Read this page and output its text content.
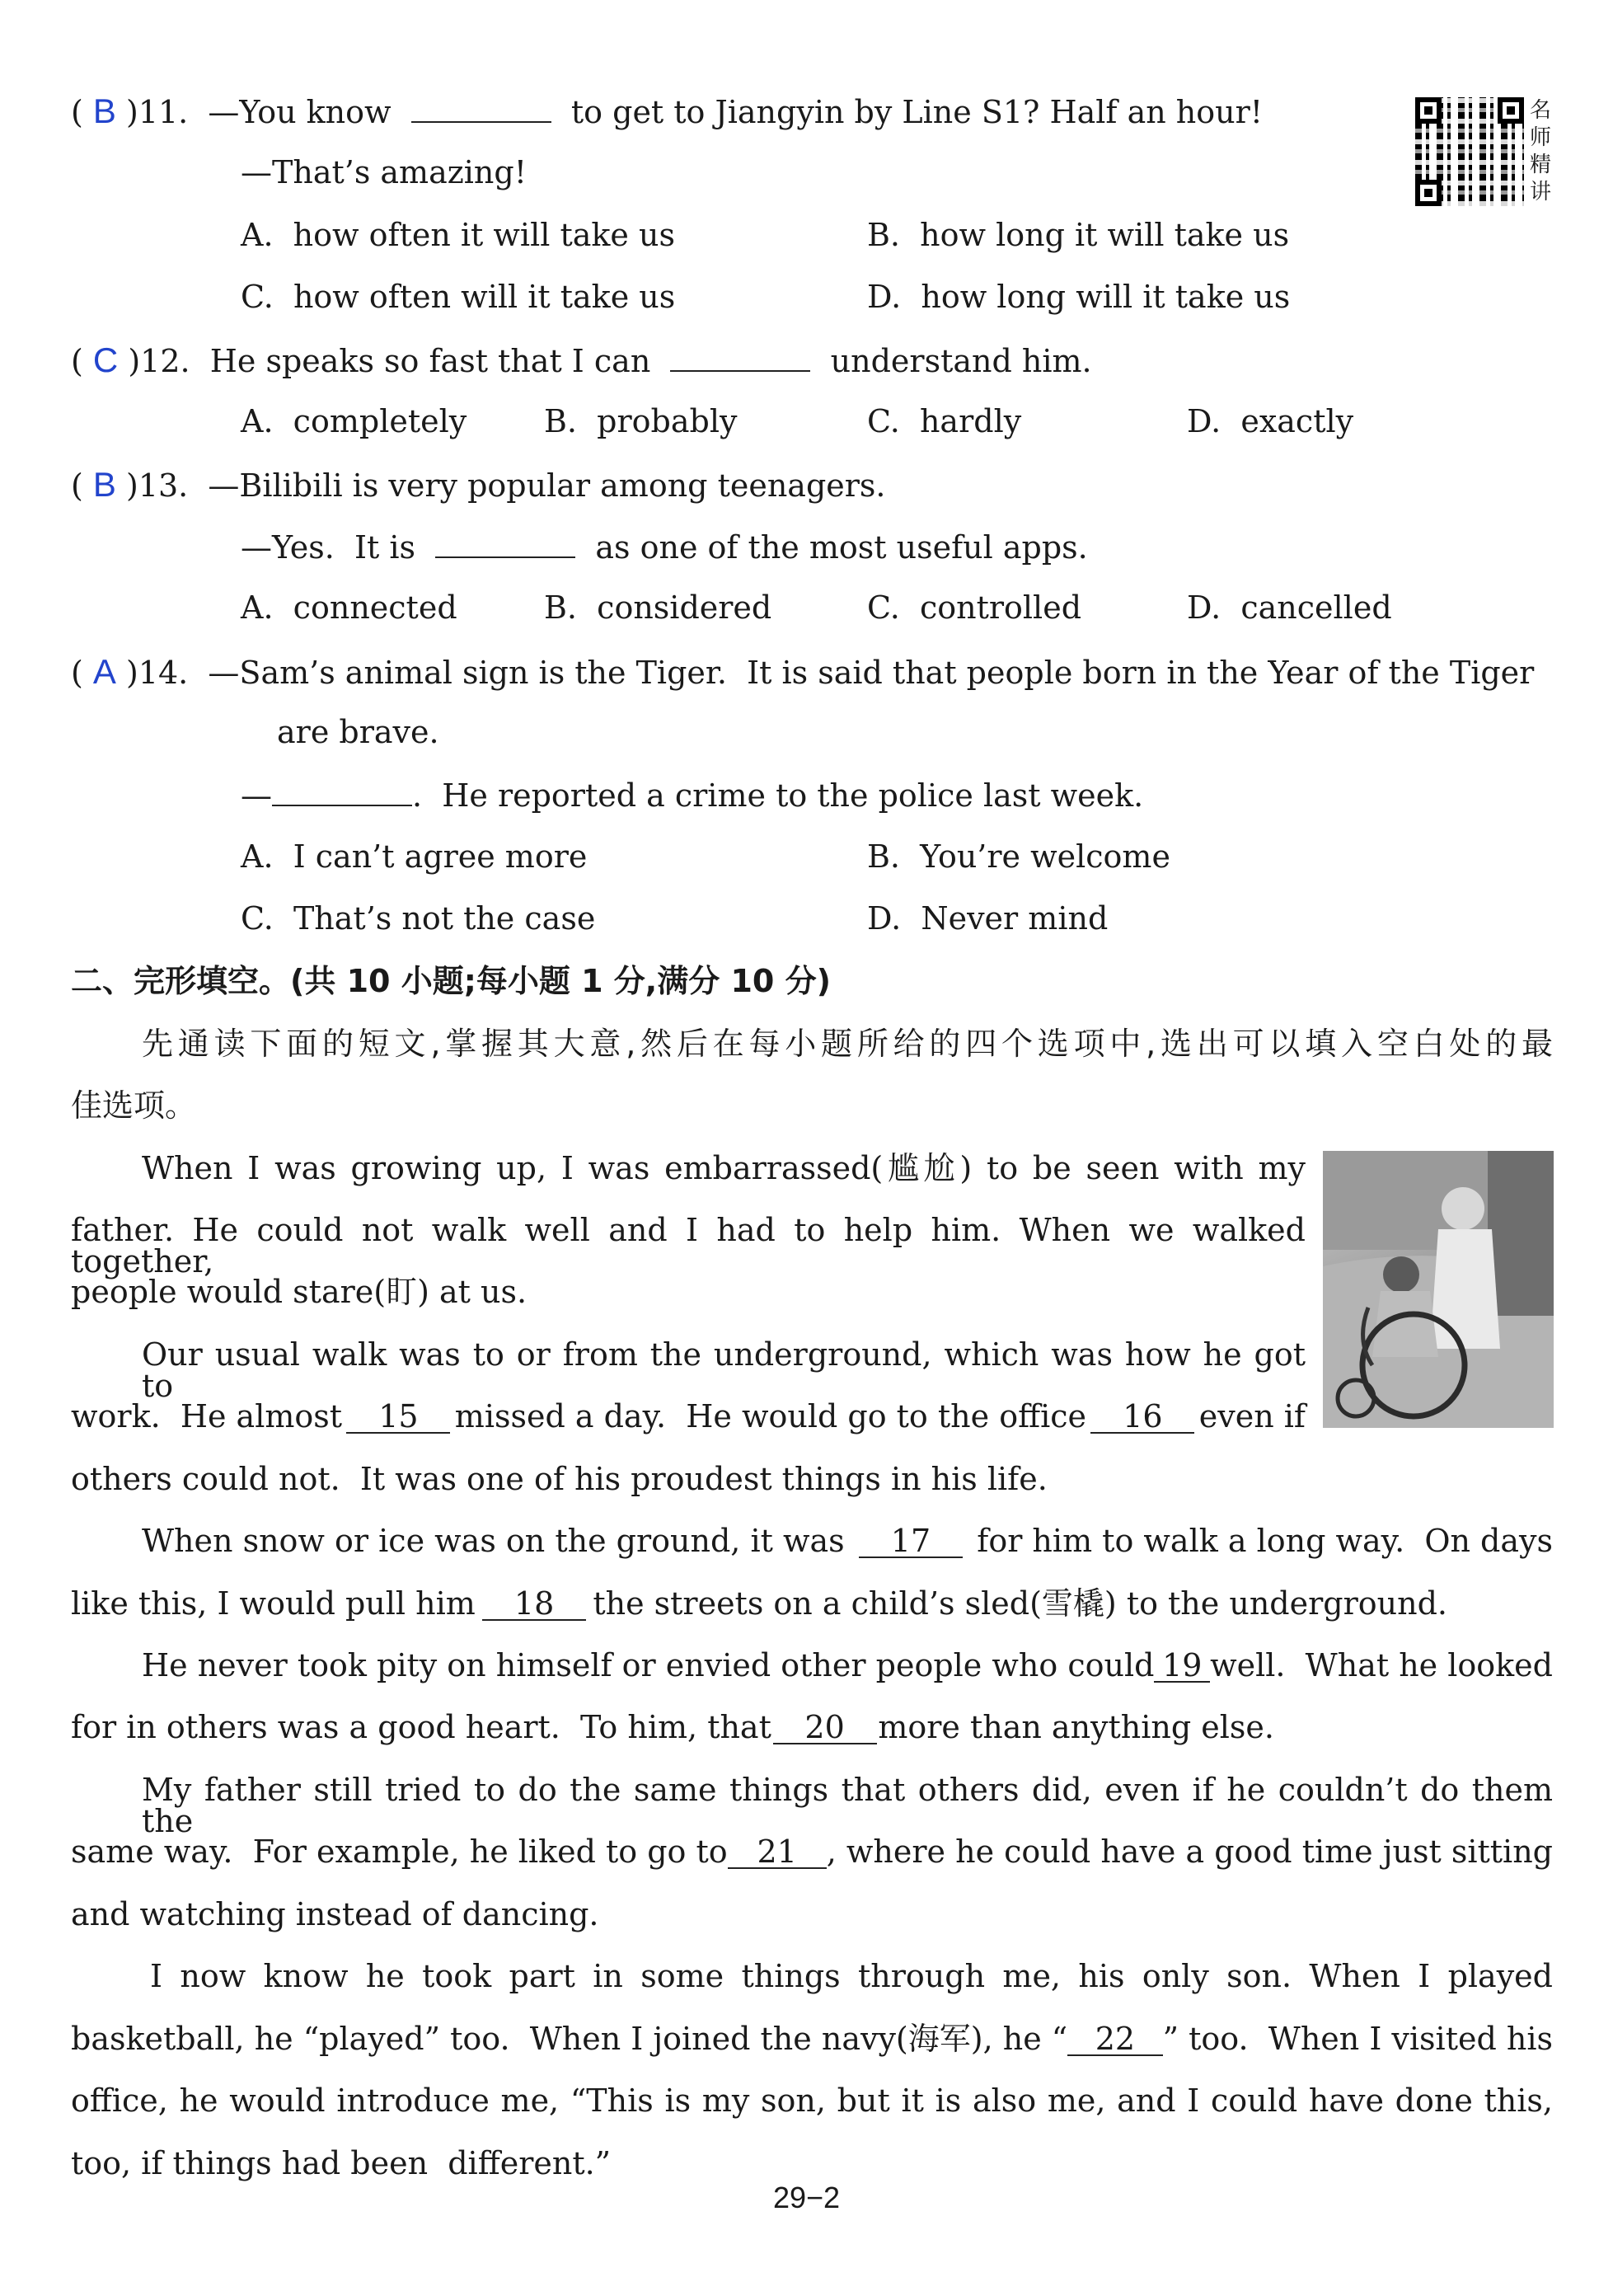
( B )11.  —You know	to get to Jiangyin by Line S1? Half an hour!
—That’s amazing!
A.  how often it will take us	B.  how long it will take us
C.  how often will it take us	D.  how long will it take us
名师精讲
( C )12.  He speaks so fast that I can	understand him.
A.  completely B.  probably	C.  hardly	D.  exactly
( B )13.  —Bilibili is very popular among teenagers.
—Yes.  It is	as one of the most useful apps.
A.  connected	B.  considered	C.  controlled	D.  cancelled
( A )14.  —Sam’s animal sign is the Tiger.  It is said that people born in the Year of the Tiger
are brave.
—	.  He reported a crime to the police last week.
A.  I can’t agree more	B.  You’re welcome
C.  That’s not the case	D.  Never mind
二、完形填空。(共 10 小题;每小题 1 分,满分 10 分)
先通读下面的短文,掌握其大意,然后在每小题所给的四个选项中,选出可以填入空白处的最
佳选项。
When I was growing up, I was embarrassed(尴尬) to be seen with my
father. He could not walk well and I had to help him. When we walked together,
people would stare(盯) at us.
Our usual walk was to or from the underground, which was how he got to
work.  He almost	15	missed a day.  He would go to the office	16	even if
others could not.  It was one of his proudest things in his life.
When snow or ice was on the ground, it was	17	for him to walk a long way.  On days
like this, I would pull him	18	the streets on a child’s sled(雪橇) to the underground.
He never took pity on himself or envied other people who could 19 well.  What he looked
for in others was a good heart.  To him, that	20	more than anything else.
My father still tried to do the same things that others did, even if he couldn’t do them the
same way.  For example, he liked to go to 21 , where he could have a good time just sitting
and watching instead of dancing.
I now know he took part in some things through me, his only son. When I played
basketball, he “played” too.  When I joined the navy(海军), he “ 22 ” too.  When I visited his
office, he would introduce me, “This is my son, but it is also me, and I could have done this,
too, if things had been  different.”
29−2
